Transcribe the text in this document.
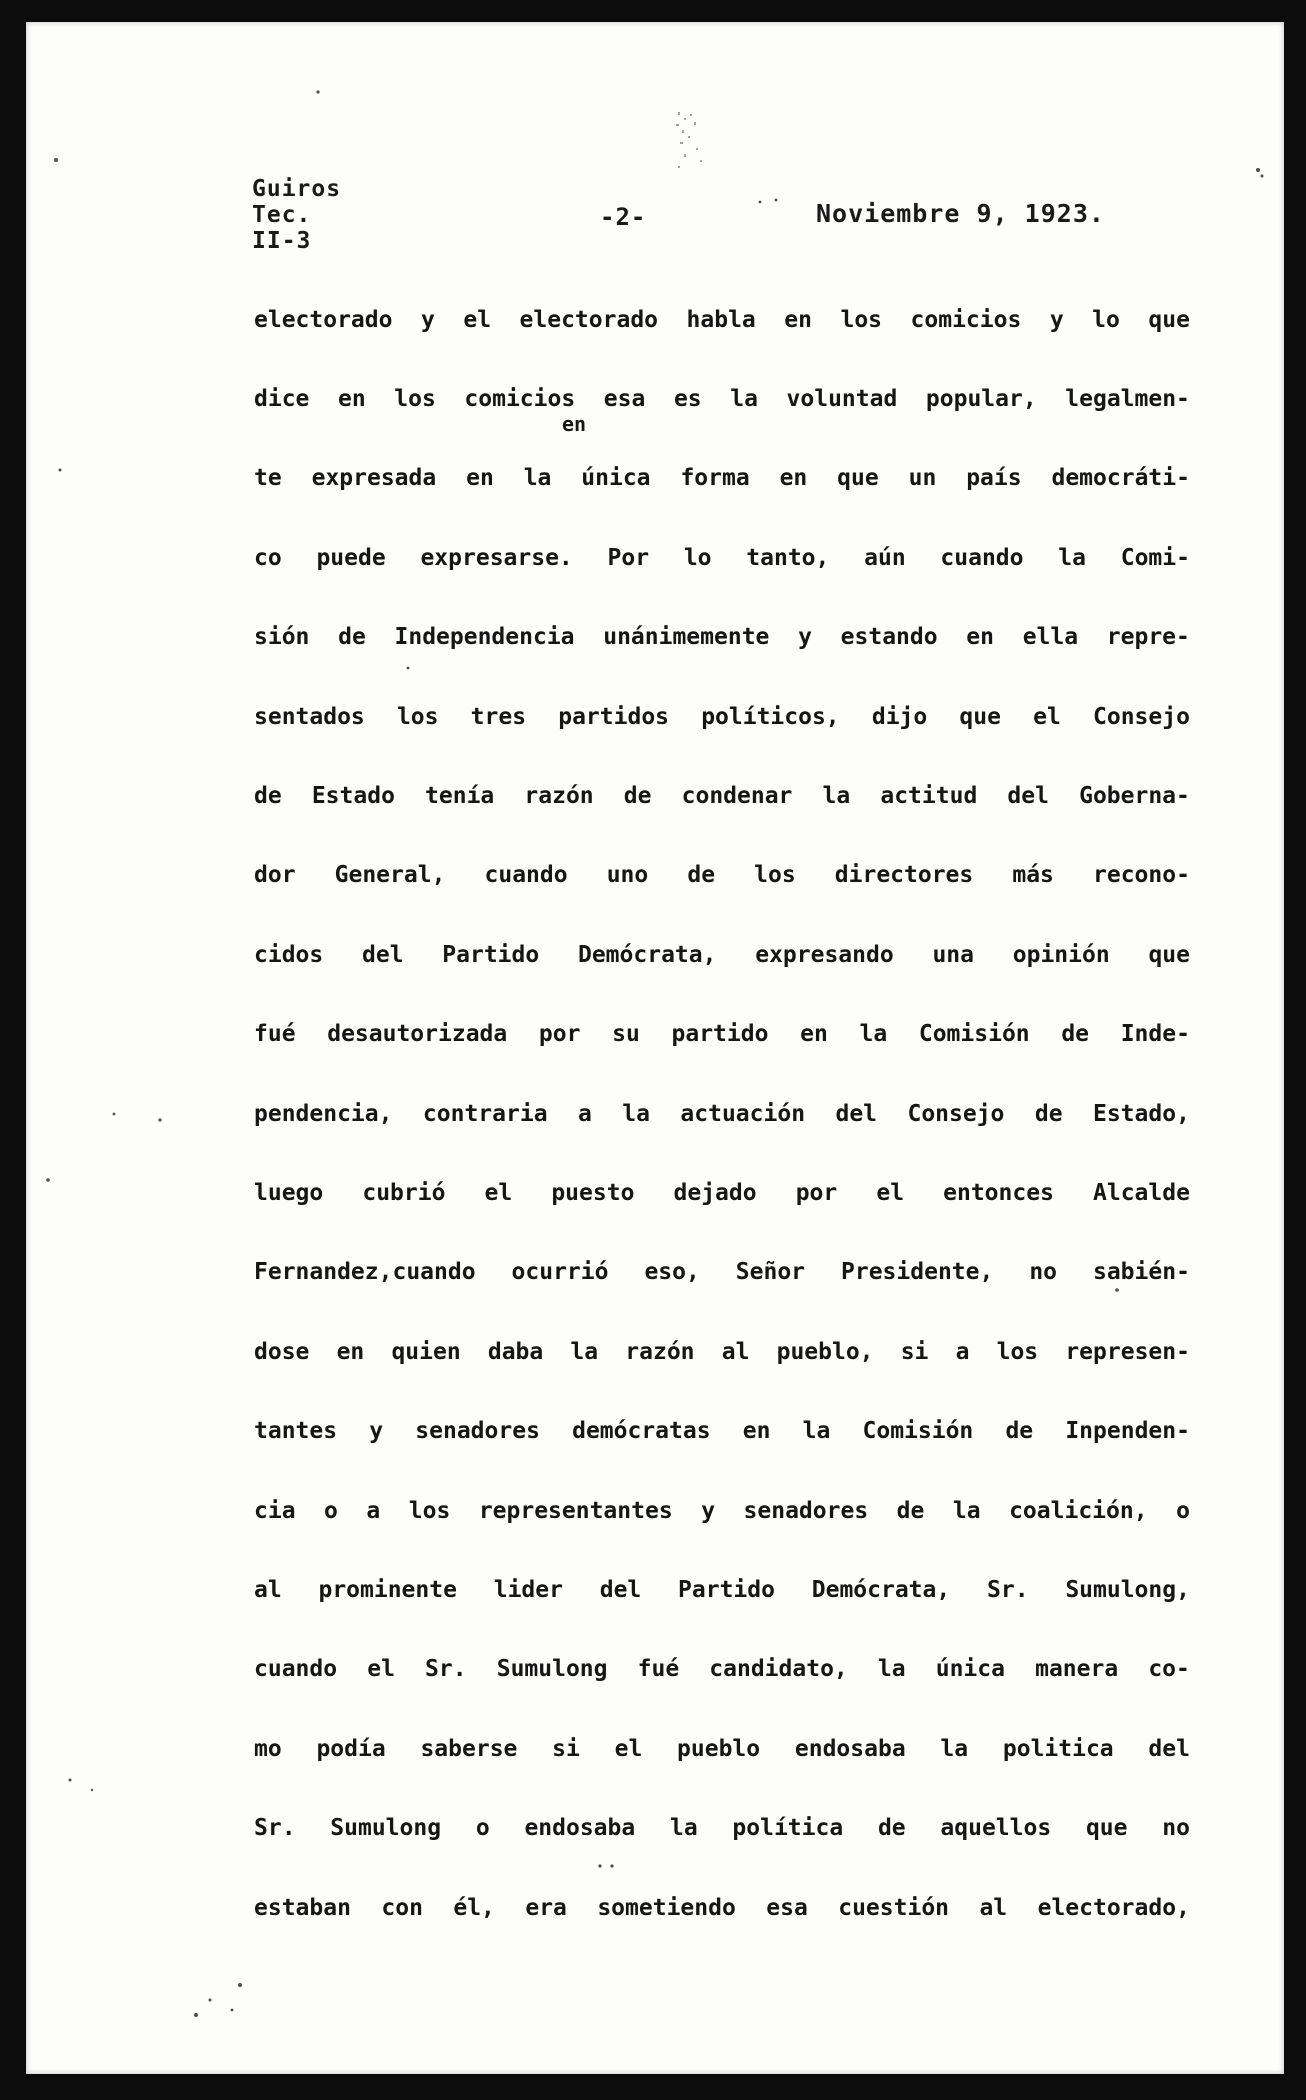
Guiros
Tec.
II-3
-2-	Noviembre 9, 1923.
en
electorado y el electorado habla en los comicios y lo que
dice en los comicios esa es la voluntad popular, legalmen-
te expresada en la única forma en que un país democráti-
co puede expresarse. Por lo tanto, aún cuando la Comi-
sión de Independencia unánimemente y estando en ella repre-
sentados los tres partidos políticos, dijo que el Consejo
de Estado tenía razón de condenar la actitud del Goberna-
dor General, cuando uno de los directores más recono-
cidos del Partido Demócrata, expresando una opinión que
fué desautorizada por su partido en la Comisión de Inde-
pendencia, contraria a la actuación del Consejo de Estado,
luego cubrió el puesto dejado por el entonces Alcalde
Fernandez,cuando ocurrió eso, Señor Presidente, no sabién-
dose en quien daba la razón al pueblo, si a los represen-
tantes y senadores demócratas en la Comisión de Inpenden-
cia o a los representantes y senadores de la coalición, o
al prominente lider del Partido Demócrata, Sr. Sumulong,
cuando el Sr. Sumulong fué candidato, la única manera co-
mo podía saberse si el pueblo endosaba la politica del
Sr. Sumulong o endosaba la política de aquellos que no
estaban con él, era sometiendo esa cuestión al electorado,
